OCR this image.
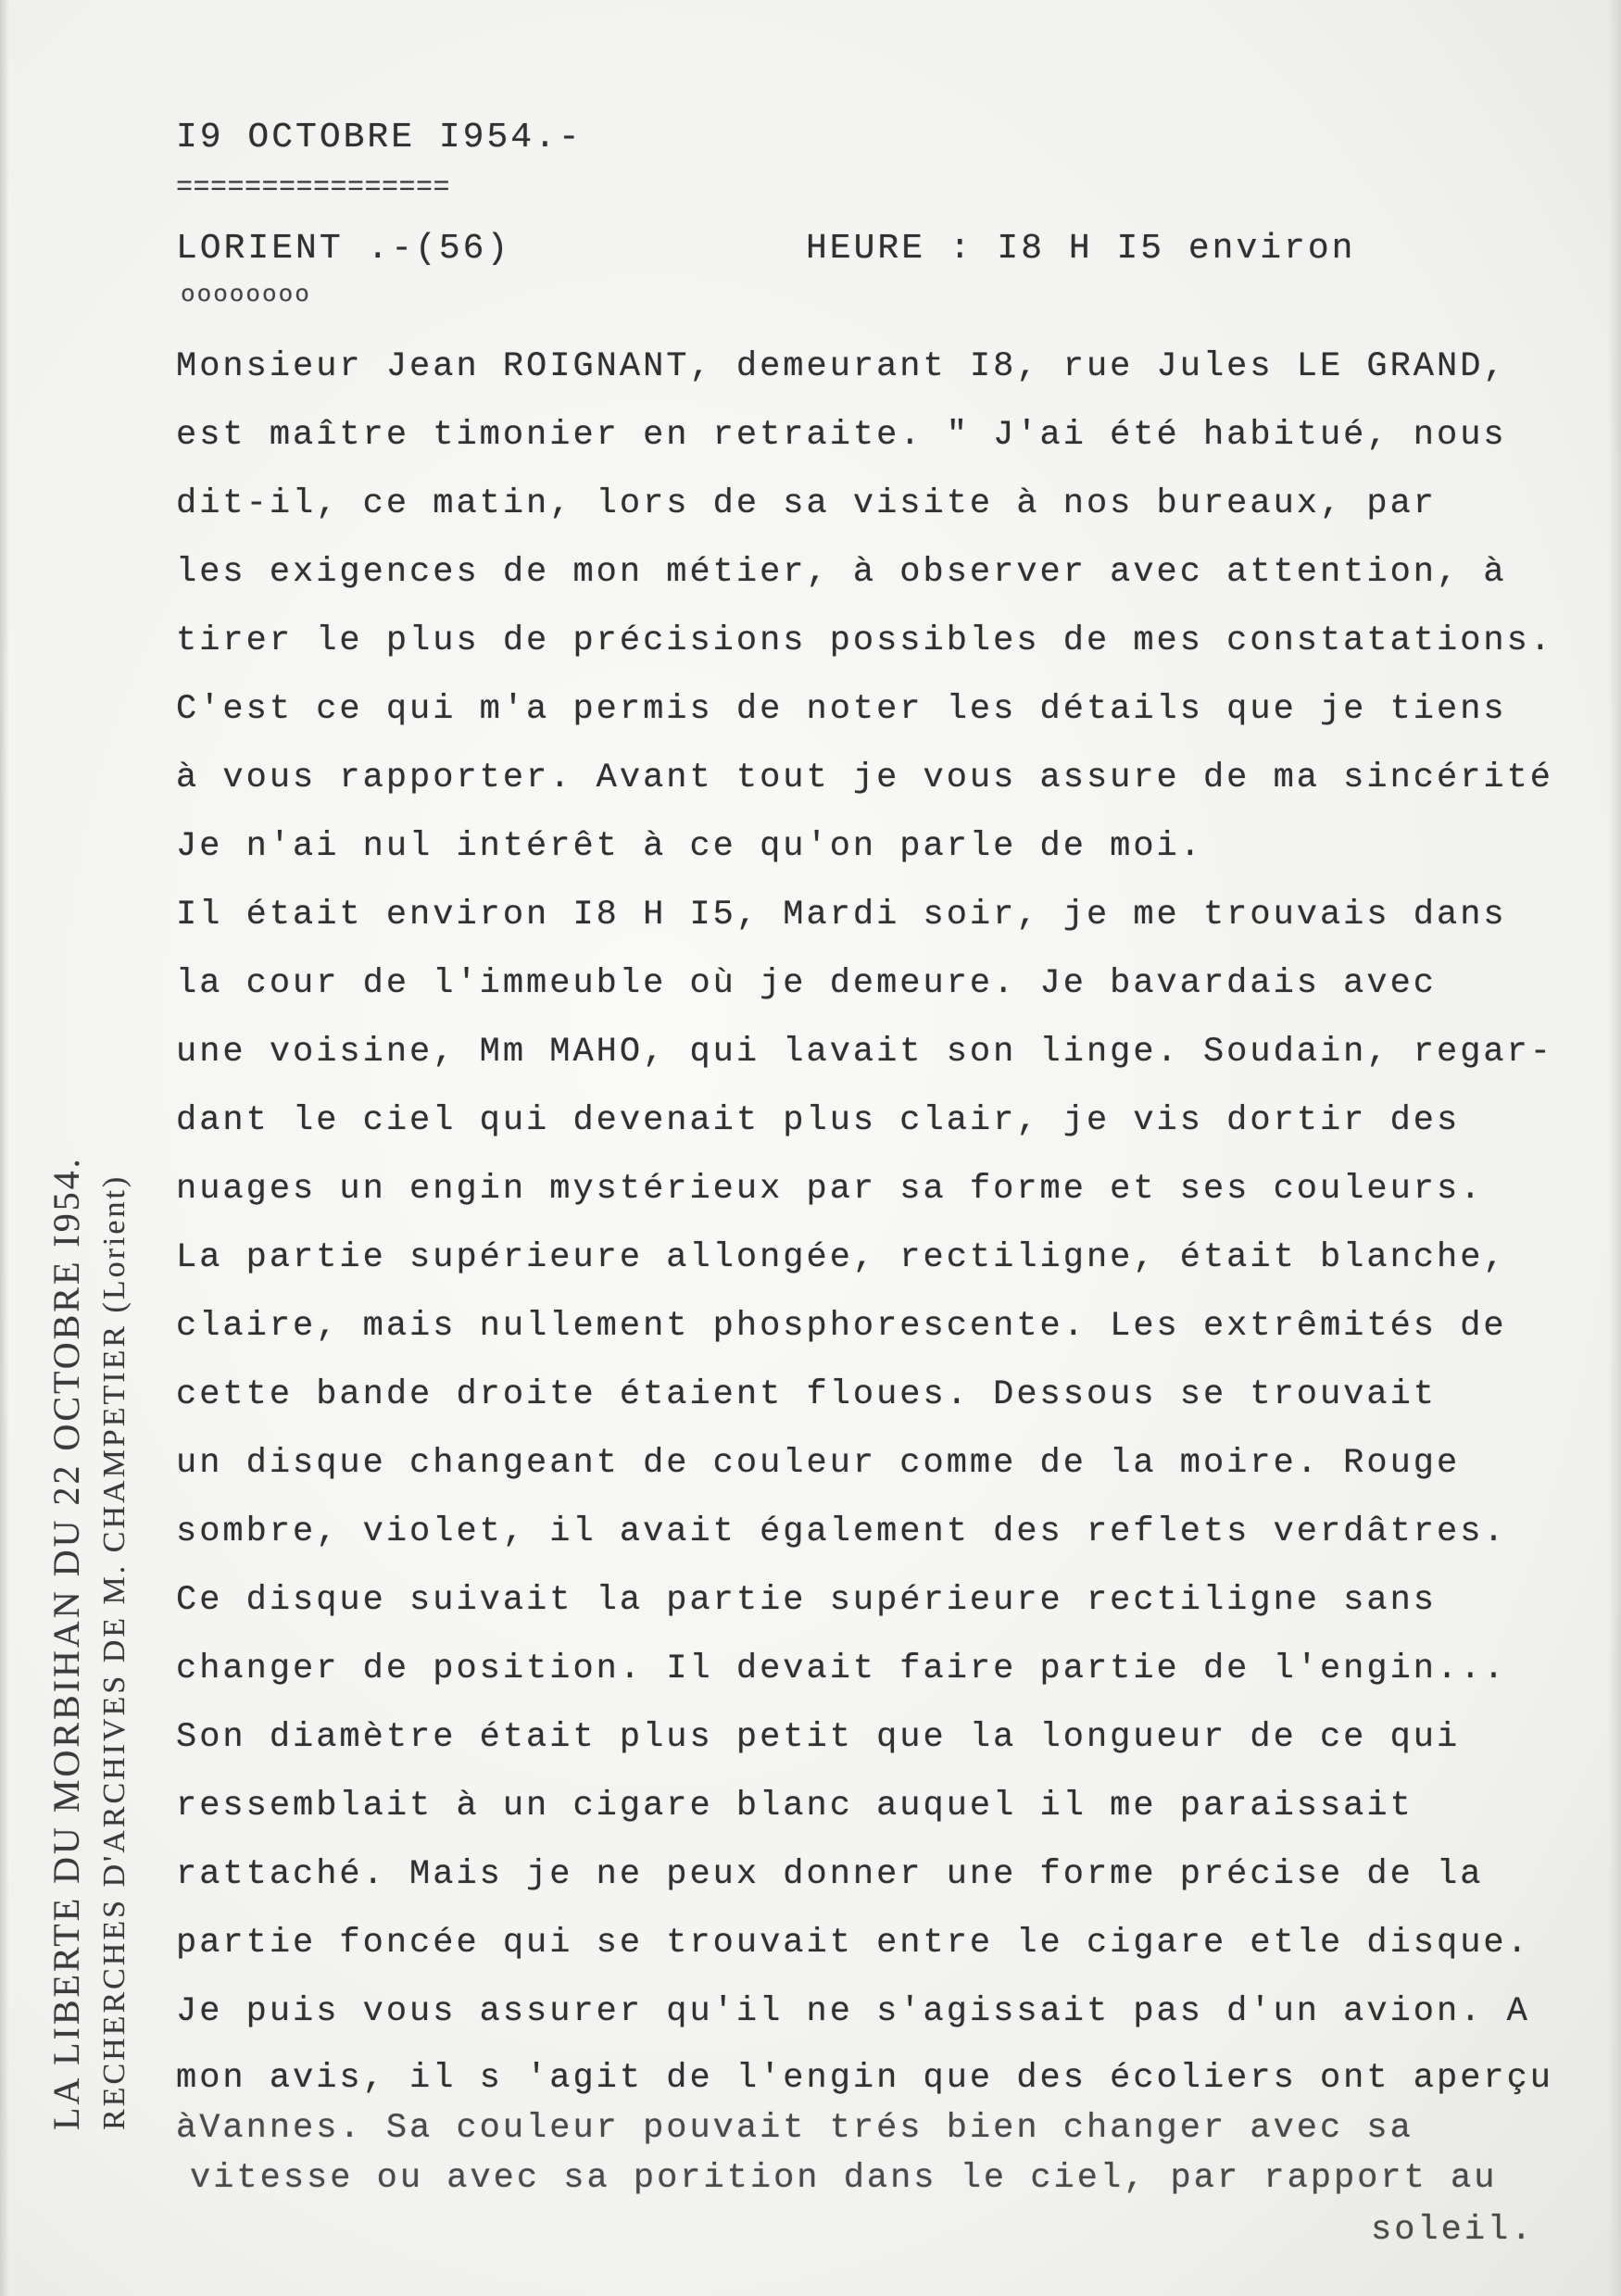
I9 OCTOBRE I954.-
================
LORIENT .-(56)	HEURE : I8 H I5 environ
oooooooo
Monsieur Jean ROIGNANT, demeurant I8, rue Jules LE GRAND,
est maître timonier en retraite. " J'ai été habitué, nous
dit-il, ce matin, lors de sa visite à nos bureaux, par
les exigences de mon métier, à observer avec attention, à
tirer le plus de précisions possibles de mes constatations.
C'est ce qui m'a permis de noter les détails que je tiens
à vous rapporter. Avant tout je vous assure de ma sincérité
Je n'ai nul intérêt à ce qu'on parle de moi.
Il était environ I8 H I5, Mardi soir, je me trouvais dans
la cour de l'immeuble où je demeure. Je bavardais avec
une voisine, Mm MAHO, qui lavait son linge. Soudain, regar-
dant le ciel qui devenait plus clair, je vis dortir des
nuages un engin mystérieux par sa forme et ses couleurs.
La partie supérieure allongée, rectiligne, était blanche,
claire, mais nullement phosphorescente. Les extrêmités de
cette bande droite étaient floues. Dessous se trouvait
un disque changeant de couleur comme de la moire. Rouge
sombre, violet, il avait également des reflets verdâtres.
Ce disque suivait la partie supérieure rectiligne sans
changer de position. Il devait faire partie de l'engin...
Son diamètre était plus petit que la longueur de ce qui
ressemblait à un cigare blanc auquel il me paraissait
rattaché. Mais je ne peux donner une forme précise de la
partie foncée qui se trouvait entre le cigare etle disque.
Je puis vous assurer qu'il ne s'agissait pas d'un avion. A
mon avis, il s 'agit de l'engin que des écoliers ont aperçu
àVannes. Sa couleur pouvait trés bien changer avec sa
vitesse ou avec sa porition dans le ciel, par rapport au
soleil.
LA LIBERTE DU MORBIHAN DU 22 OCTOBRE I954. RECHERCHES D'ARCHIVES DE M. CHAMPETIER (Lorient)
